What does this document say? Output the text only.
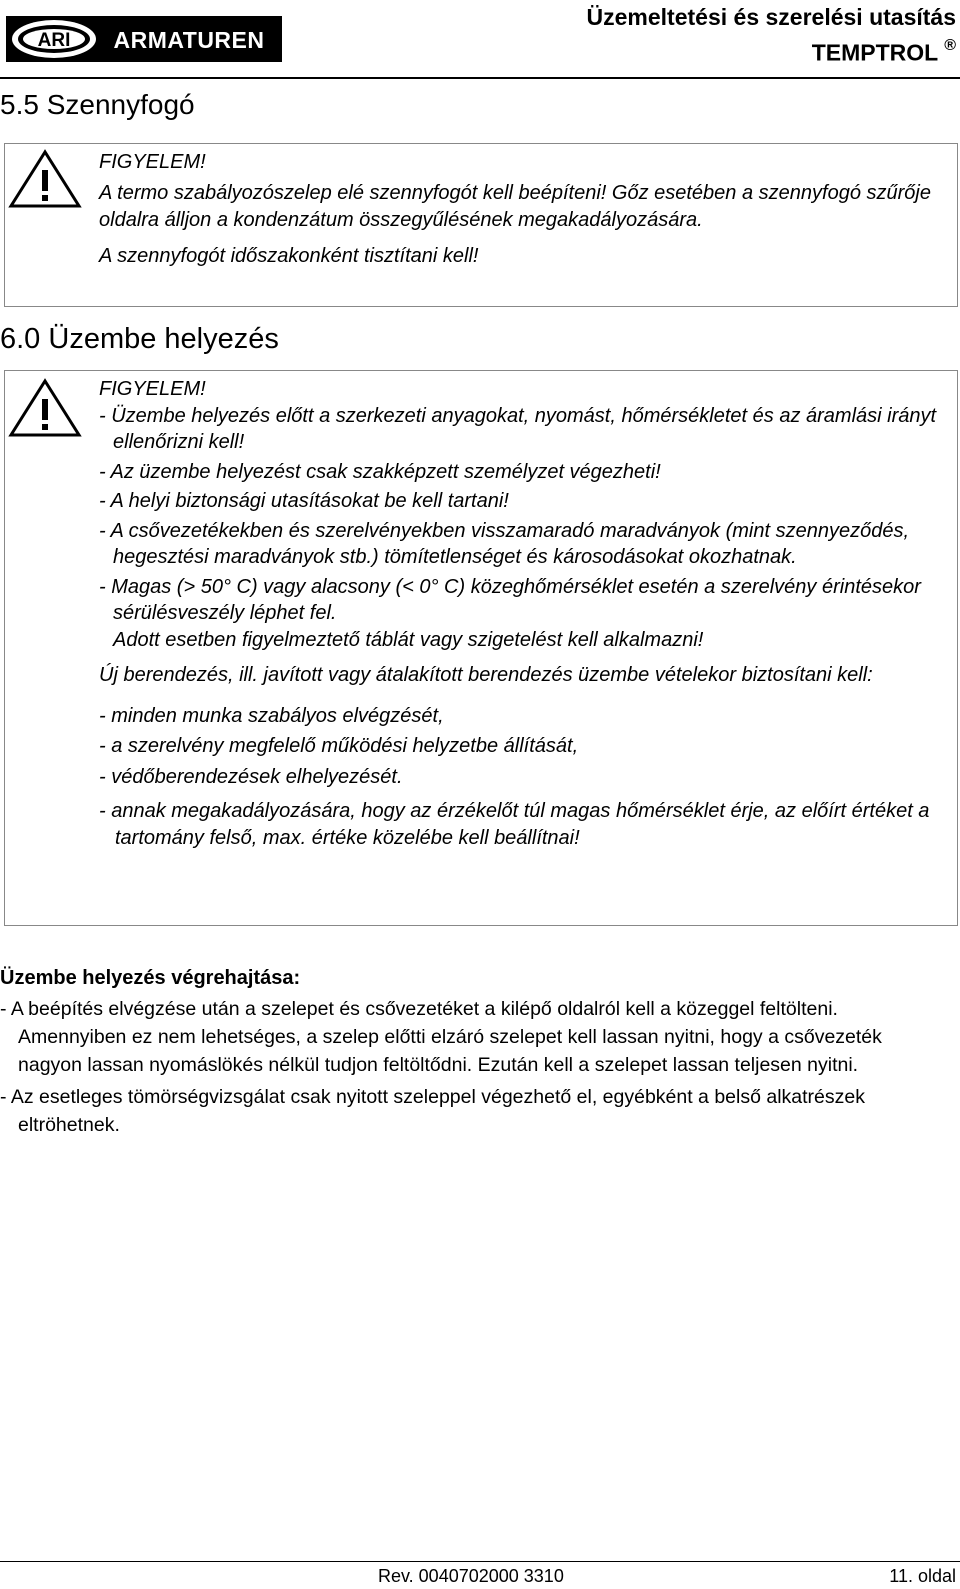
ARI ARMATUREN
Üzemeltetési és szerelési utasítás
TEMPTROL ®
5.5 Szennyfogó

FIGYELEM!

A termo szabályozószelep elé szennyfogót kell beépíteni! Gőz esetében a szennyfogó szűrője oldalra álljon a kondenzátum összegyűlésének megakadályozására.

A szennyfogót időszakonként tisztítani kell!

6.0 Üzembe helyezés

FIGYELEM!

- Üzembe helyezés előtt a szerkezeti anyagokat, nyomást, hőmérsékletet és az áramlási irányt ellenőrizni kell!

- Az üzembe helyezést csak szakképzett személyzet végezheti!

- A helyi biztonsági utasításokat be kell tartani!

- A csővezetékekben és szerelvényekben visszamaradó maradványok (mint szennyeződés, hegesztési maradványok stb.) tömítetlenséget és károsodásokat okozhatnak.

- Magas (> 50° C) vagy alacsony (< 0° C) közeghőmérséklet esetén a szerelvény érintésekor sérülésveszély léphet fel.

Adott esetben figyelmeztető táblát vagy szigetelést kell alkalmazni!

Új berendezés, ill. javított vagy átalakított berendezés üzembe vételekor biztosítani kell:

- minden munka szabályos elvégzését,

- a szerelvény megfelelő működési helyzetbe állítását,

- védőberendezések elhelyezését.

- annak megakadályozására, hogy az érzékelőt túl magas hőmérséklet érje, az előírt értéket a tartomány felső, max. értéke közelébe kell beállítnai!

Üzembe helyezés végrehajtása:

- A beépítés elvégzése után a szelepet és csővezetéket a kilépő oldalról kell a közeggel feltölteni. Amennyiben ez nem lehetséges, a szelep előtti elzáró szelepet kell lassan nyitni, hogy a csővezeték nagyon lassan nyomáslökés nélkül tudjon feltöltődni. Ezután kell a szelepet lassan teljesen nyitni.

- Az esetleges tömörségvizsgálat csak nyitott szeleppel végezhető el, egyébként a belső alkatrészek eltröhetnek.

Rev. 0040702000 3310	11. oldal
